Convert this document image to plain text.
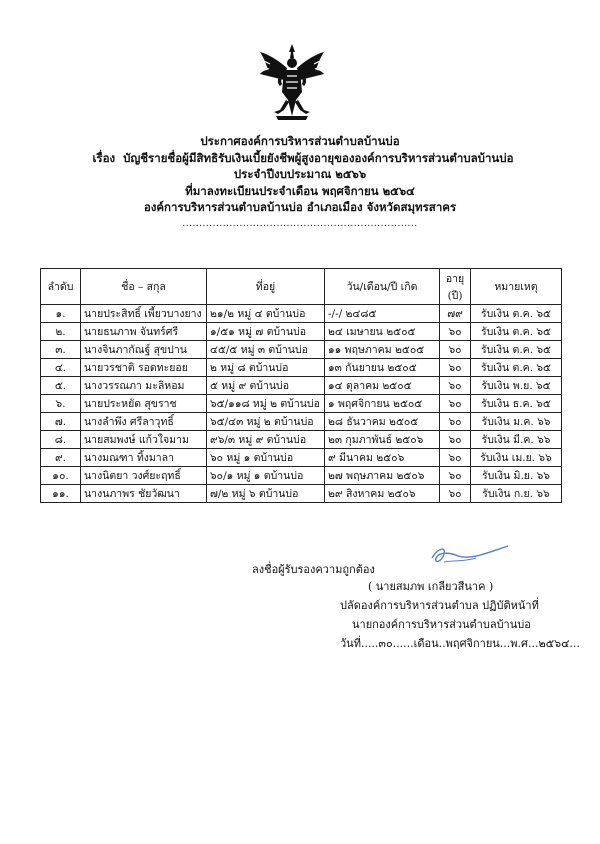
ประกาศองค์การบริหารส่วนตำบลบ้านบ่อ
เรื่อง บัญชีรายชื่อผู้มีสิทธิรับเงินเบี้ยยังชีพผู้สูงอายุขององค์การบริหารส่วนตำบลบ้านบ่อ
ประจำปีงบประมาณ ๒๕๖๖
ที่มาลงทะเบียนประจำเดือน พฤศจิกายน ๒๕๖๔
องค์การบริหารส่วนตำบลบ้านบ่อ อำเภอเมือง จังหวัดสมุทรสาคร
......................................................................
ลำดับ	ชื่อ – สกุล	ที่อยู่	วัน/เดือน/ปี เกิด	อายุ	หมายเหตุ
				(ปี)	
๑.	นายประสิทธิ์ เพี้ยวบางยาง	๒๑/๒ หมู่ ๔ ตบ้านบ่อ	-/-/ ๒๔๘๕	๗๙	รับเงิน ต.ค. ๖๕
๒.	นายธนภาพ จันทร์ศรี	๑/๕๑ หมู่ ๗ ตบ้านบ่อ	๒๔ เมษายน ๒๕๐๕	๖๐	รับเงิน ต.ค. ๖๕
๓.	นางจินภากัณฐ์ สุขปาน	๔๕/๕ หมู่ ๓ ตบ้านบ่อ	๑๑ พฤษภาคม ๒๕๐๕	๖๐	รับเงิน ต.ค. ๖๕
๔.	นายวรชาติ รอดทะยอย	๒ หมู่ ๘ ตบ้านบ่อ	๑๓ กันยายน ๒๕๐๕	๖๐	รับเงิน ต.ค. ๖๕
๕.	นางวรรณภา มะลิหอม	๕ หมู่ ๙ ตบ้านบ่อ	๑๔ ตุลาคม ๒๕๐๕	๖๐	รับเงิน พ.ย. ๖๕
๖.	นายประหยัด สุขราช	๖๕/๑๑๘ หมู่ ๒ ตบ้านบ่อ	๑ พฤศจิกายน ๒๕๐๕	๖๐	รับเงิน ธ.ค. ๖๕
๗.	นางลำพึง ศรีลาวุทธิ์	๖๕/๔๓ หมู่ ๒ ตบ้านบ่อ	๒๘ ธันวาคม ๒๕๐๕	๖๐	รับเงิน ม.ค. ๖๖
๘.	นายสมพงษ์ แก้วใจมาม	๙๖/๓ หมู่ ๙ ตบ้านบ่อ	๒๓ กุมภาพันธ์ ๒๕๐๖	๖๐	รับเงิน มี.ค. ๖๖
๙.	นางมณฑา ทิ้งมาลา	๖๐ หมู่ ๑ ตบ้านบ่อ	๙ มีนาคม ๒๕๐๖	๖๐	รับเงิน เม.ย. ๖๖
๑๐.	นางนิตยา วงศ์ยะฤทธิ์	๖๐/๑ หมู่ ๑ ตบ้านบ่อ	๒๗ พฤษภาคม ๒๕๐๖	๖๐	รับเงิน มิ.ย. ๖๖
๑๑.	นางนภาพร ชัยวัฒนา	๗/๒ หมู่ ๖ ตบ้านบ่อ	๒๙ สิงหาคม ๒๕๐๖	๖๐	รับเงิน ก.ย. ๖๖
ลงชื่อผู้รับรองความถูกต้อง
( นายสมภพ เกลียวสีนาค )
ปลัดองค์การบริหารส่วนตำบล ปฏิบัติหน้าที่
นายกองค์การบริหารส่วนตำบลบ้านบ่อ
วันที่.....๓๐......เดือน..พฤศจิกายน...พ.ศ...๒๕๖๔...
